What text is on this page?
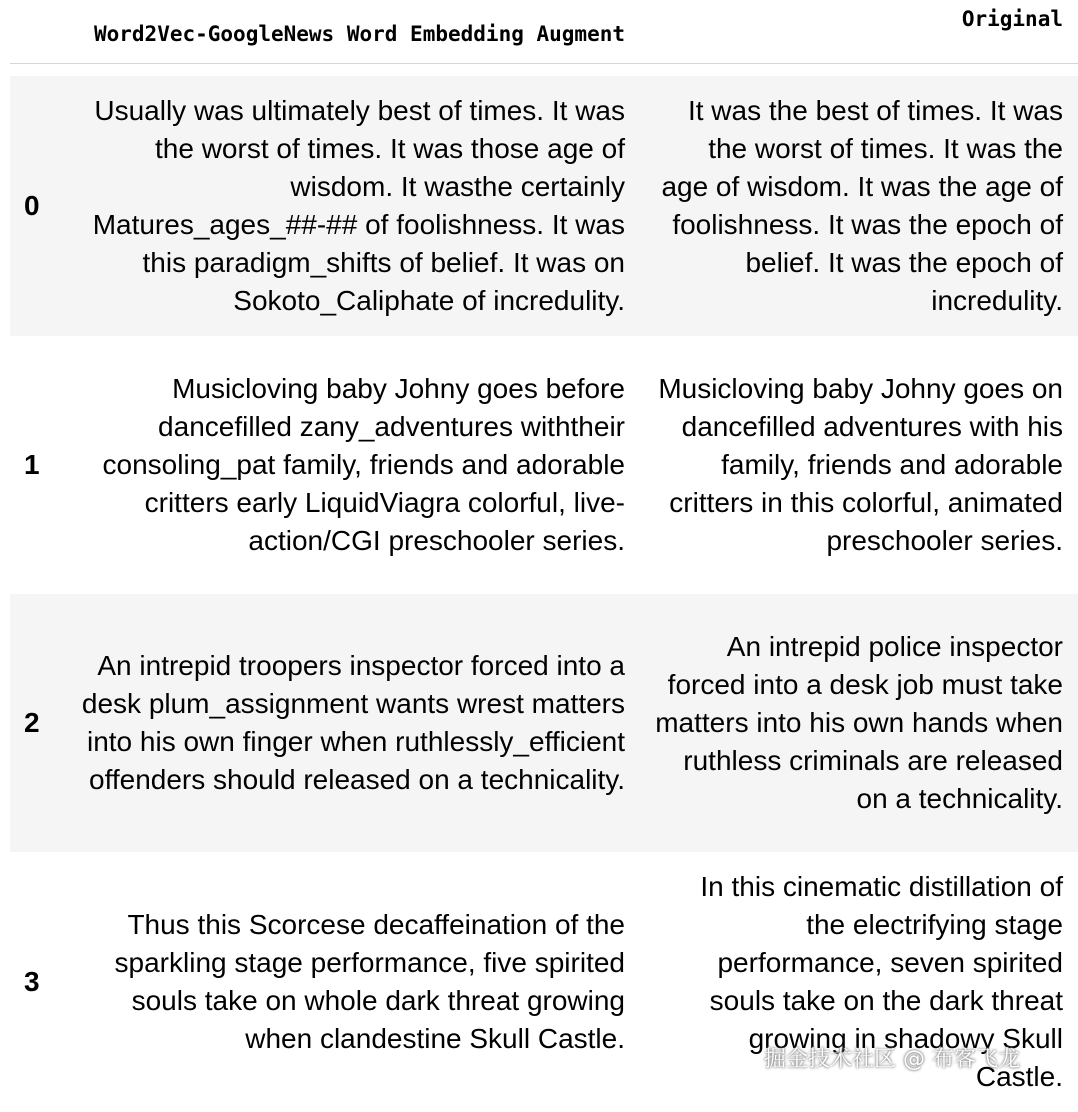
	Word2Vec-GoogleNews Word Embedding Augment	Original

0	Usually was ultimately best of times. It was the worst of times. It was those age of wisdom. It wasthe certainly Matures_ages_##-## of foolishness. It was this paradigm_shifts of belief. It was on Sokoto_Caliphate of incredulity.	It was the best of times. It was the worst of times. It was the age of wisdom. It was the age of foolishness. It was the epoch of belief. It was the epoch of incredulity.
1	Musicloving baby Johny goes before dancefilled zany_adventures withtheir consoling_pat family, friends and adorable critters early LiquidViagra colorful, live-action/CGI preschooler series.	Musicloving baby Johny goes on dancefilled adventures with his family, friends and adorable critters in this colorful, animated preschooler series.
2	An intrepid troopers inspector forced into a desk plum_assignment wants wrest matters into his own finger when ruthlessly_efficient offenders should released on a technicality.	An intrepid police inspector forced into a desk job must take matters into his own hands when ruthless criminals are released on a technicality.
3	Thus this Scorcese decaffeination of the sparkling stage performance, five spirited souls take on whole dark threat growing when clandestine Skull Castle.	In this cinematic distillation of the electrifying stage performance, seven spirited souls take on the dark threat growing in shadowy Skull Castle.
掘金技术社区 @ 布客飞龙
